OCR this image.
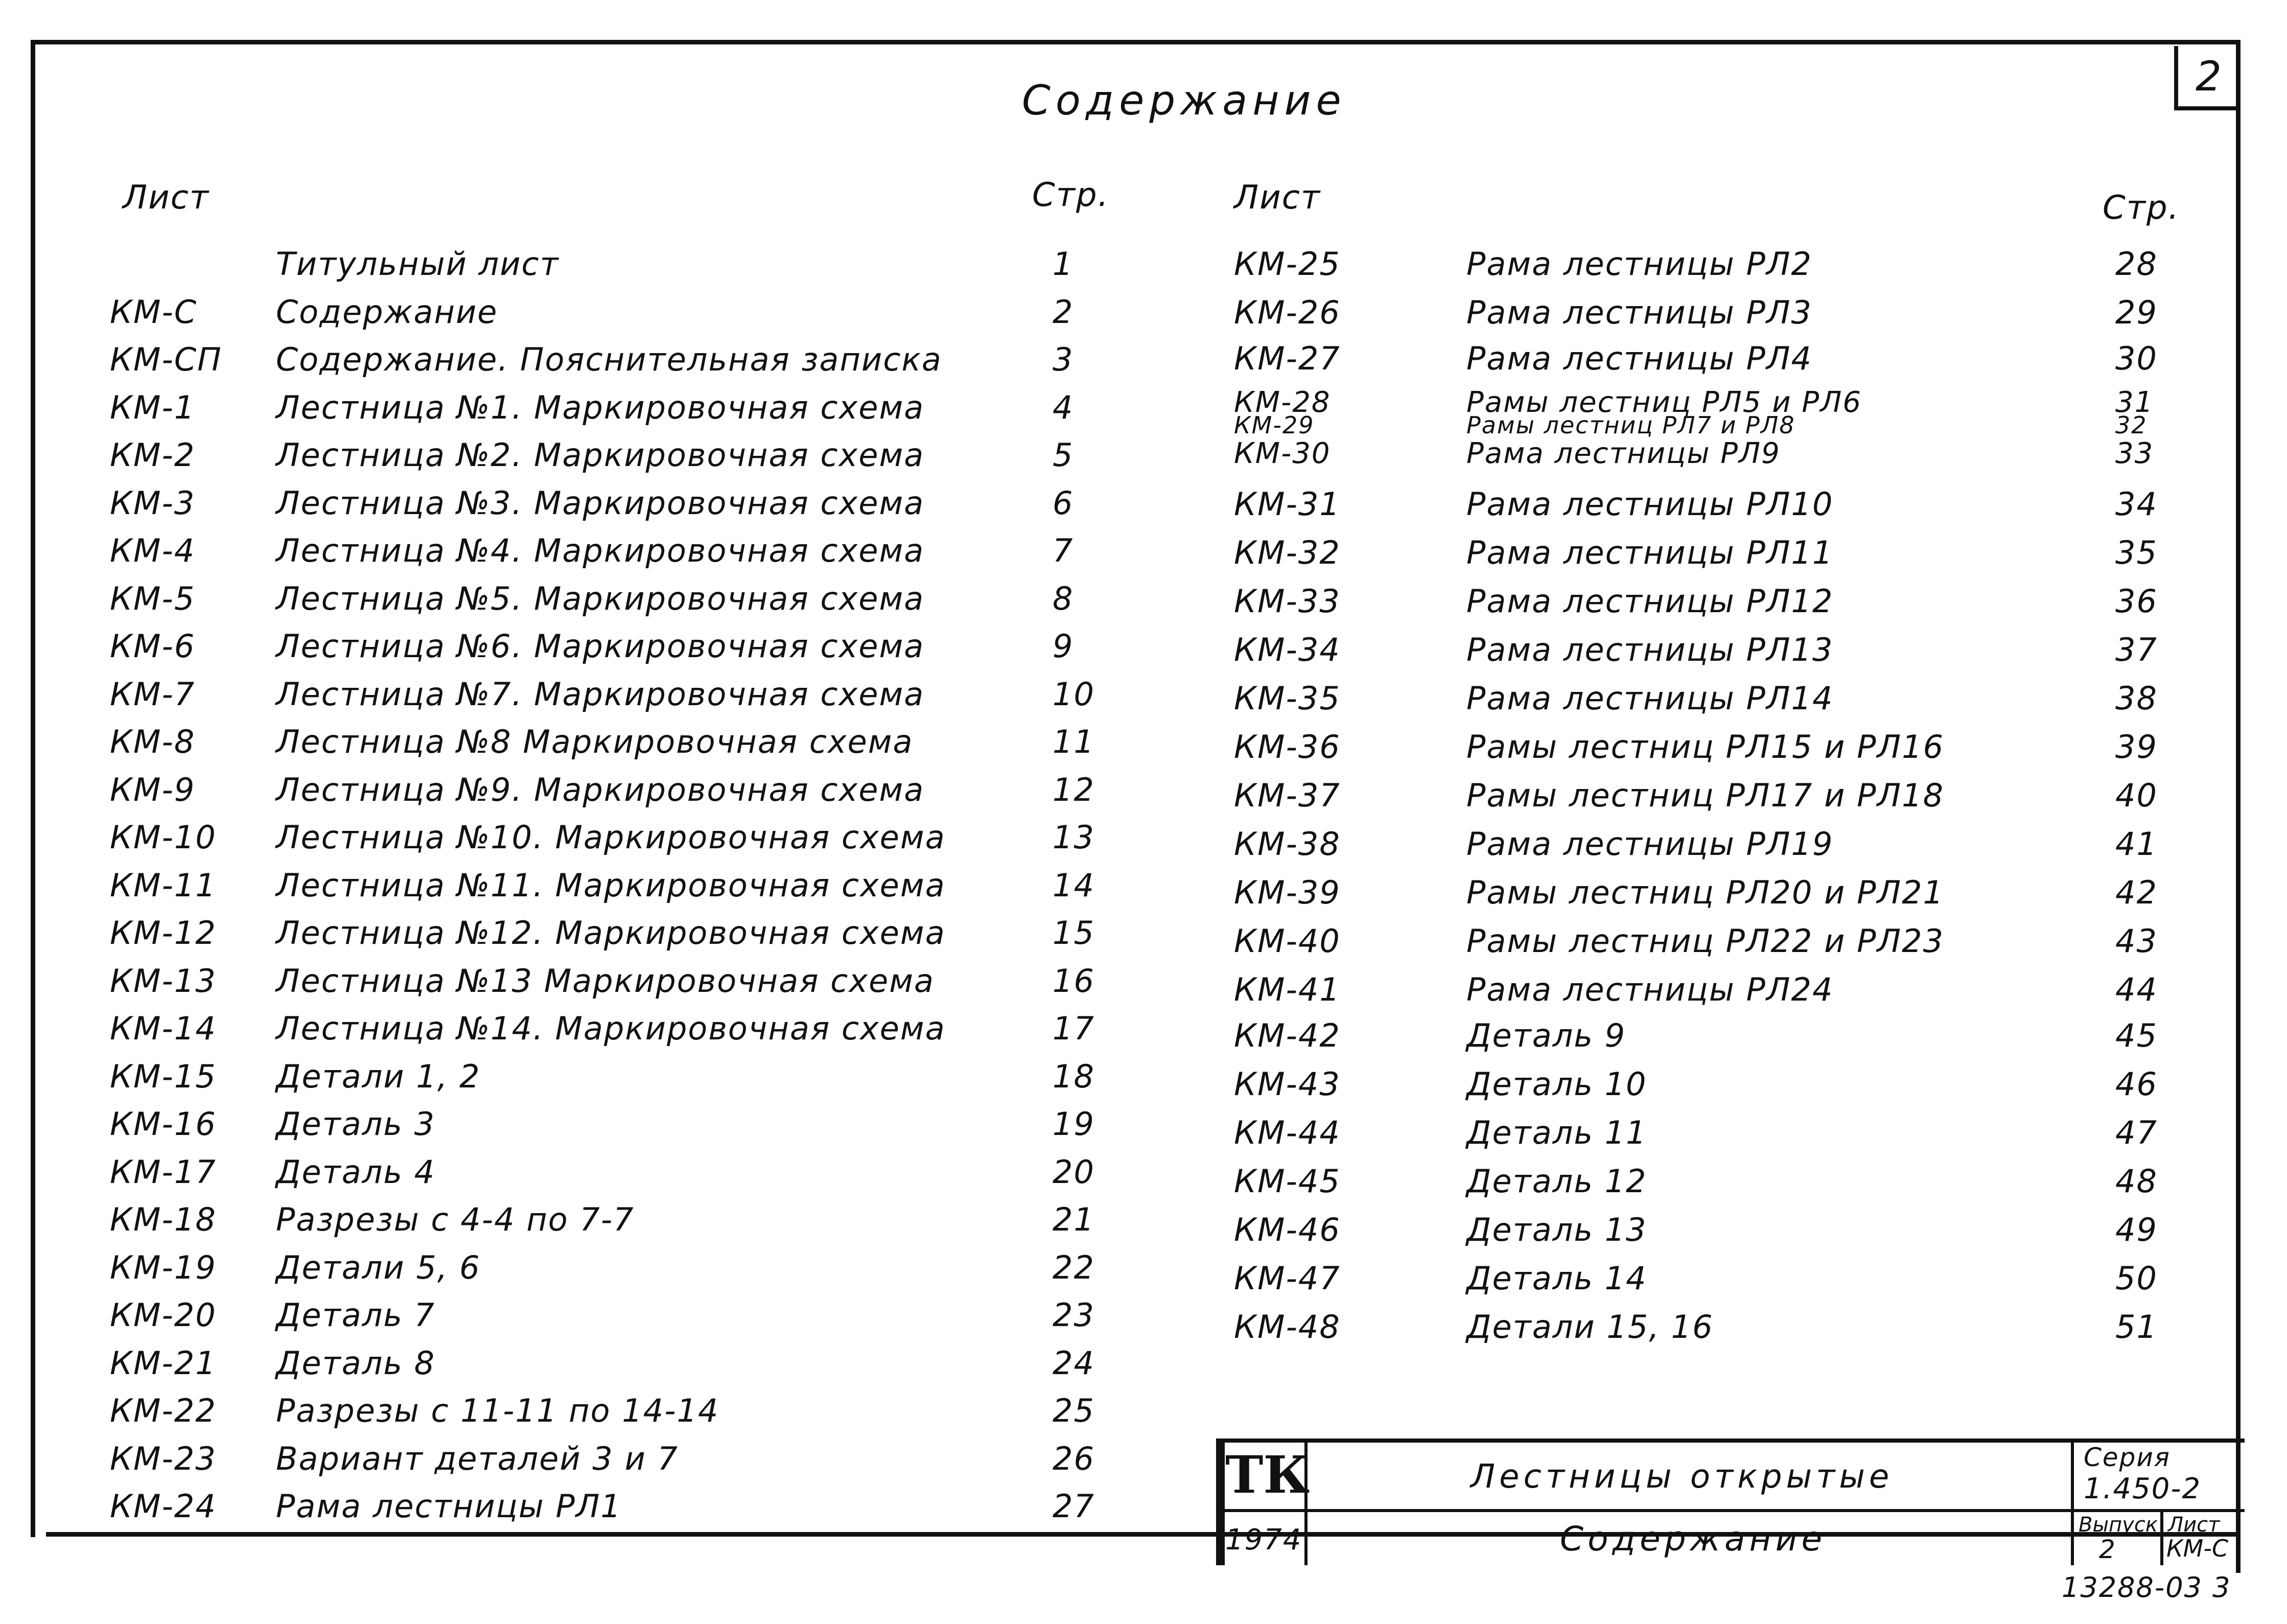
2
Содержание
Лист	Стр.	Лист	Стр.
Титульный лист	1
КМ-С Содержание	2
КМ-СП Содержание. Пояснительная записка	3
КМ-1	Лестница №1. Маркировочная схема	4
КМ-2	Лестница №2. Маркировочная схема	5
КМ-3	Лестница №3. Маркировочная схема	6
КМ-4	Лестница №4. Маркировочная схема	7
КМ-5	Лестница №5. Маркировочная схема	8
КМ-6	Лестница №6. Маркировочная схема	9
КМ-7	Лестница №7. Маркировочная схема	10
КМ-8	Лестница №8 Маркировочная схема	11
КМ-9	Лестница №9. Маркировочная схема	12
КМ-10 Лестница №10. Маркировочная схема	13
КМ-11 Лестница №11. Маркировочная схема	14
КМ-12 Лестница №12. Маркировочная схема	15
КМ-13 Лестница №13 Маркировочная схема	16
КМ-14 Лестница №14. Маркировочная схема	17
КМ-15 Детали 1, 2	18
КМ-16 Деталь 3	19
КМ-17 Деталь 4	20
КМ-18 Разрезы с 4-4 по 7-7	21
КМ-19 Детали 5, 6	22
КМ-20 Деталь 7	23
КМ-21 Деталь 8	24
КМ-22 Разрезы с 11-11 по 14-14	25
КМ-23 Вариант деталей 3 и 7	26
КМ-24 Рама лестницы РЛ1	27
КМ-25	Рама лестницы РЛ2	28
КМ-26	Рама лестницы РЛ3	29
КМ-27	Рама лестницы РЛ4	30
КМ-28	Рамы лестниц РЛ5 и РЛ6	31
КМ-29	Рамы лестниц РЛ7 и РЛ8	32
КМ-30	Рама лестницы РЛ9	33
КМ-31	Рама лестницы РЛ10	34
КМ-32	Рама лестницы РЛ11	35
КМ-33	Рама лестницы РЛ12	36
КМ-34	Рама лестницы РЛ13	37
КМ-35	Рама лестницы РЛ14	38
КМ-36	Рамы лестниц РЛ15 и РЛ16	39
КМ-37	Рамы лестниц РЛ17 и РЛ18	40
КМ-38	Рама лестницы РЛ19	41
КМ-39	Рамы лестниц РЛ20 и РЛ21	42
КМ-40	Рамы лестниц РЛ22 и РЛ23	43
КМ-41	Рама лестницы РЛ24	44
КМ-42	Деталь 9	45
КМ-43	Деталь 10	46
КМ-44	Деталь 11	47
КМ-45	Деталь 12	48
КМ-46	Деталь 13	49
КМ-47	Деталь 14	50
КМ-48	Детали 15, 16	51
ТК
1974
Лестницы открытые
Содержание
Серия
1.450-2
Выпуск
2
Лист
КМ-С
13288-03 3
